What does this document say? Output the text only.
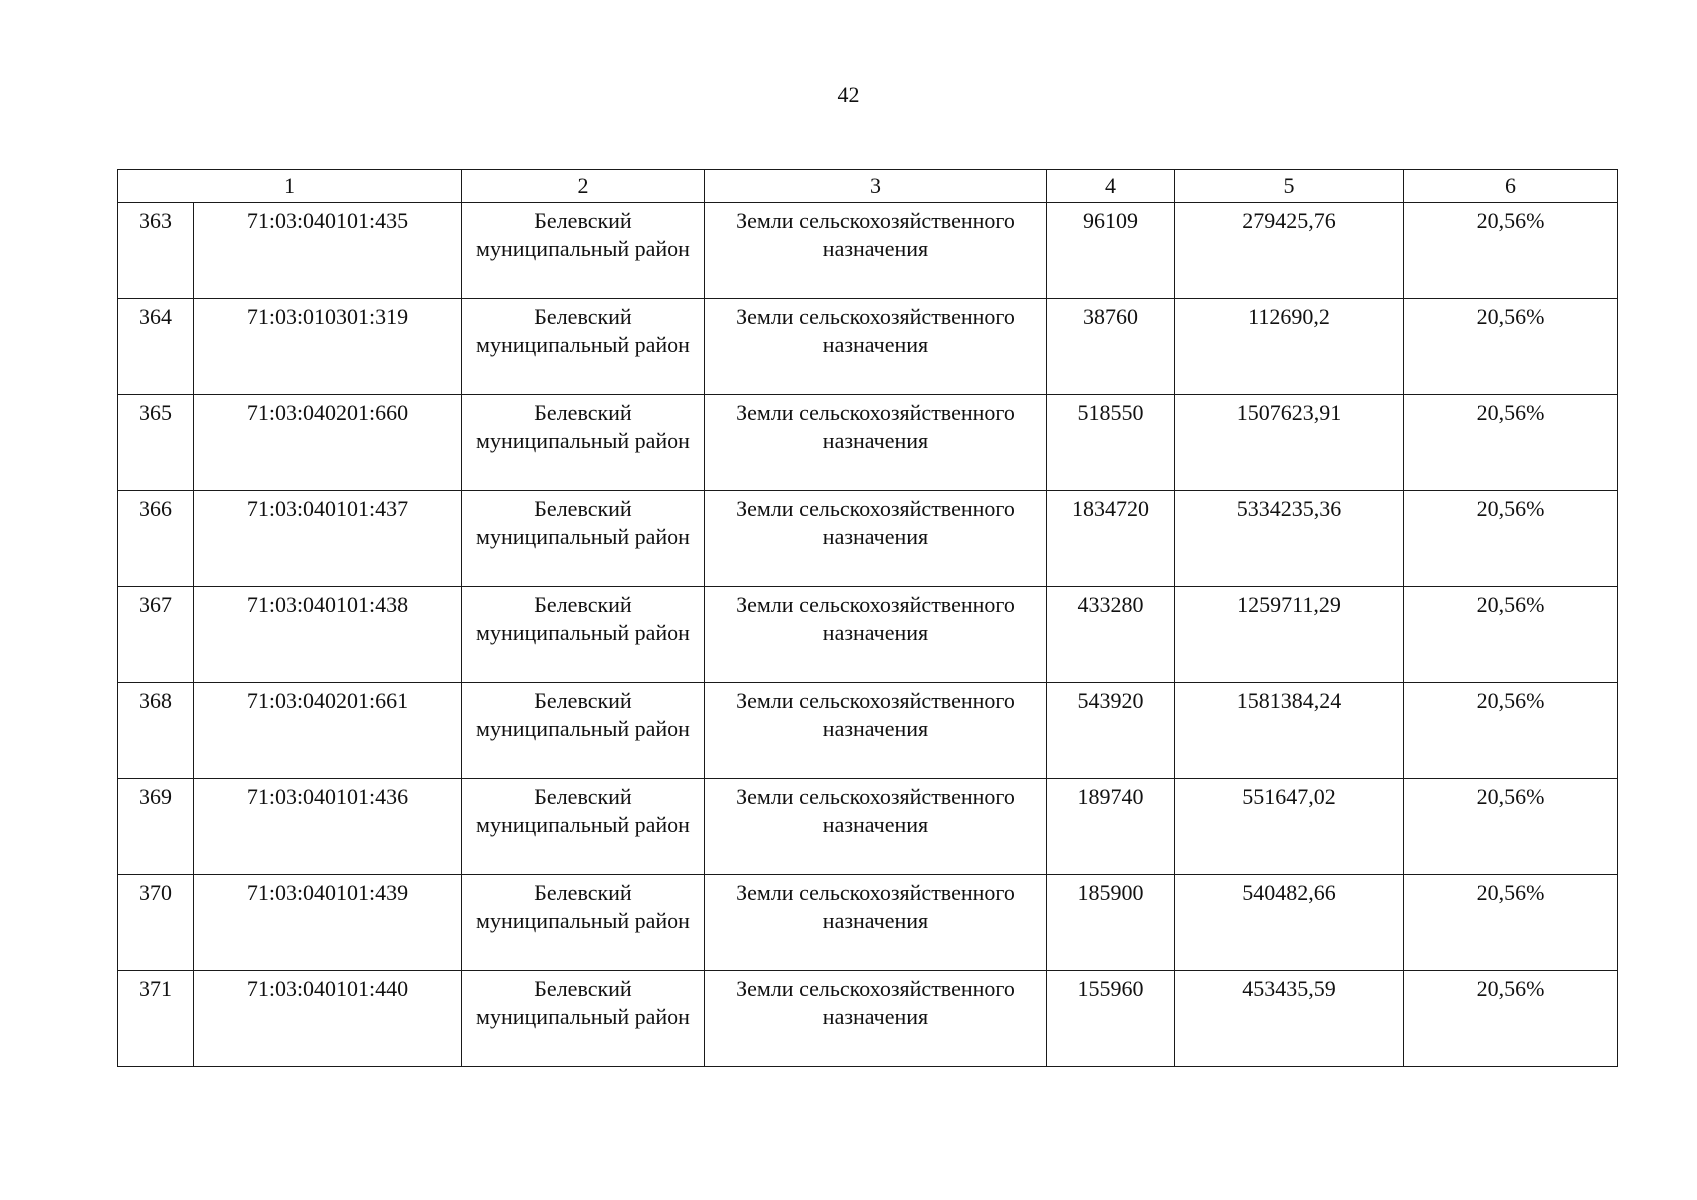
42
1		2	3	4	5	6
363	71:03:040101:435	Белевский муниципальный район	Земли сельскохозяйственного назначения	96109	279425,76	20,56%
364	71:03:010301:319	Белевский муниципальный район	Земли сельскохозяйственного назначения	38760	112690,2	20,56%
365	71:03:040201:660	Белевский муниципальный район	Земли сельскохозяйственного назначения	518550	1507623,91	20,56%
366	71:03:040101:437	Белевский муниципальный район	Земли сельскохозяйственного назначения	1834720	5334235,36	20,56%
367	71:03:040101:438	Белевский муниципальный район	Земли сельскохозяйственного назначения	433280	1259711,29	20,56%
368	71:03:040201:661	Белевский муниципальный район	Земли сельскохозяйственного назначения	543920	1581384,24	20,56%
369	71:03:040101:436	Белевский муниципальный район	Земли сельскохозяйственного назначения	189740	551647,02	20,56%
370	71:03:040101:439	Белевский муниципальный район	Земли сельскохозяйственного назначения	185900	540482,66	20,56%
371	71:03:040101:440	Белевский муниципальный район	Земли сельскохозяйственного назначения	155960	453435,59	20,56%
